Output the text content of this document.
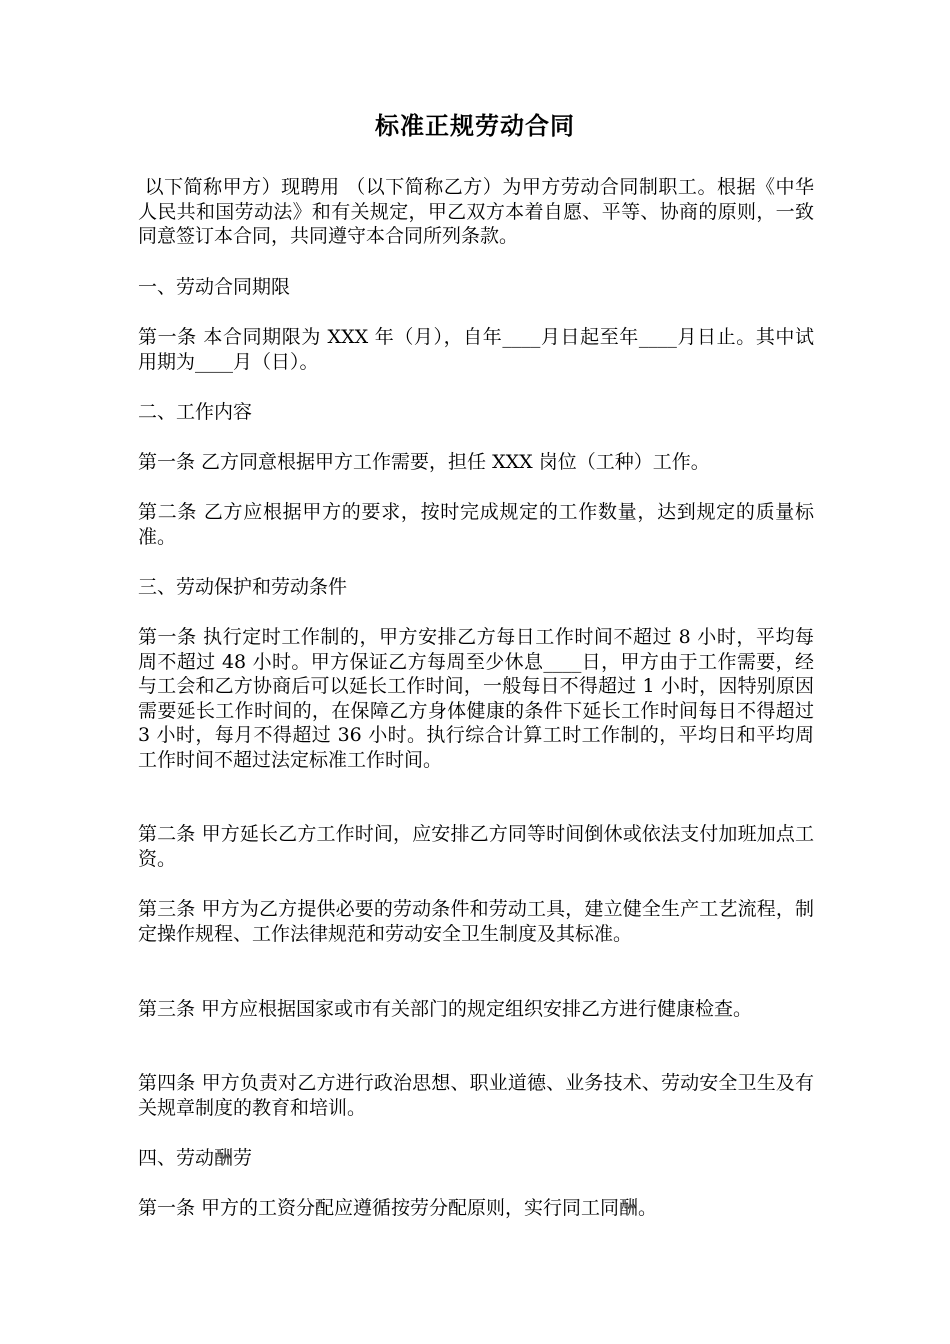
标准正规劳动合同
以下简称甲方）现聘用 （以下简称乙方）为甲方劳动合同制职工。根据《中华人民共和国劳动法》和有关规定，甲乙双方本着自愿、平等、协商的原则，一致同意签订本合同，共同遵守本合同所列条款。
一、劳动合同期限
第一条 本合同期限为 XXX 年（月），自年____月日起至年____月日止。其中试用期为____月（日）。
二、工作内容
第一条 乙方同意根据甲方工作需要，担任 XXX 岗位（工种）工作。
第二条 乙方应根据甲方的要求，按时完成规定的工作数量，达到规定的质量标准。
三、劳动保护和劳动条件
第一条 执行定时工作制的，甲方安排乙方每日工作时间不超过 8 小时，平均每周不超过 48 小时。甲方保证乙方每周至少休息____日，甲方由于工作需要，经与工会和乙方协商后可以延长工作时间，一般每日不得超过 1 小时，因特别原因需要延长工作时间的，在保障乙方身体健康的条件下延长工作时间每日不得超过 3 小时，每月不得超过 36 小时。执行综合计算工时工作制的，平均日和平均周工作时间不超过法定标准工作时间。
第二条 甲方延长乙方工作时间，应安排乙方同等时间倒休或依法支付加班加点工资。
第三条 甲方为乙方提供必要的劳动条件和劳动工具，建立健全生产工艺流程，制定操作规程、工作法律规范和劳动安全卫生制度及其标准。
第三条 甲方应根据国家或市有关部门的规定组织安排乙方进行健康检查。
第四条 甲方负责对乙方进行政治思想、职业道德、业务技术、劳动安全卫生及有关规章制度的教育和培训。
四、劳动酬劳
第一条 甲方的工资分配应遵循按劳分配原则，实行同工同酬。
